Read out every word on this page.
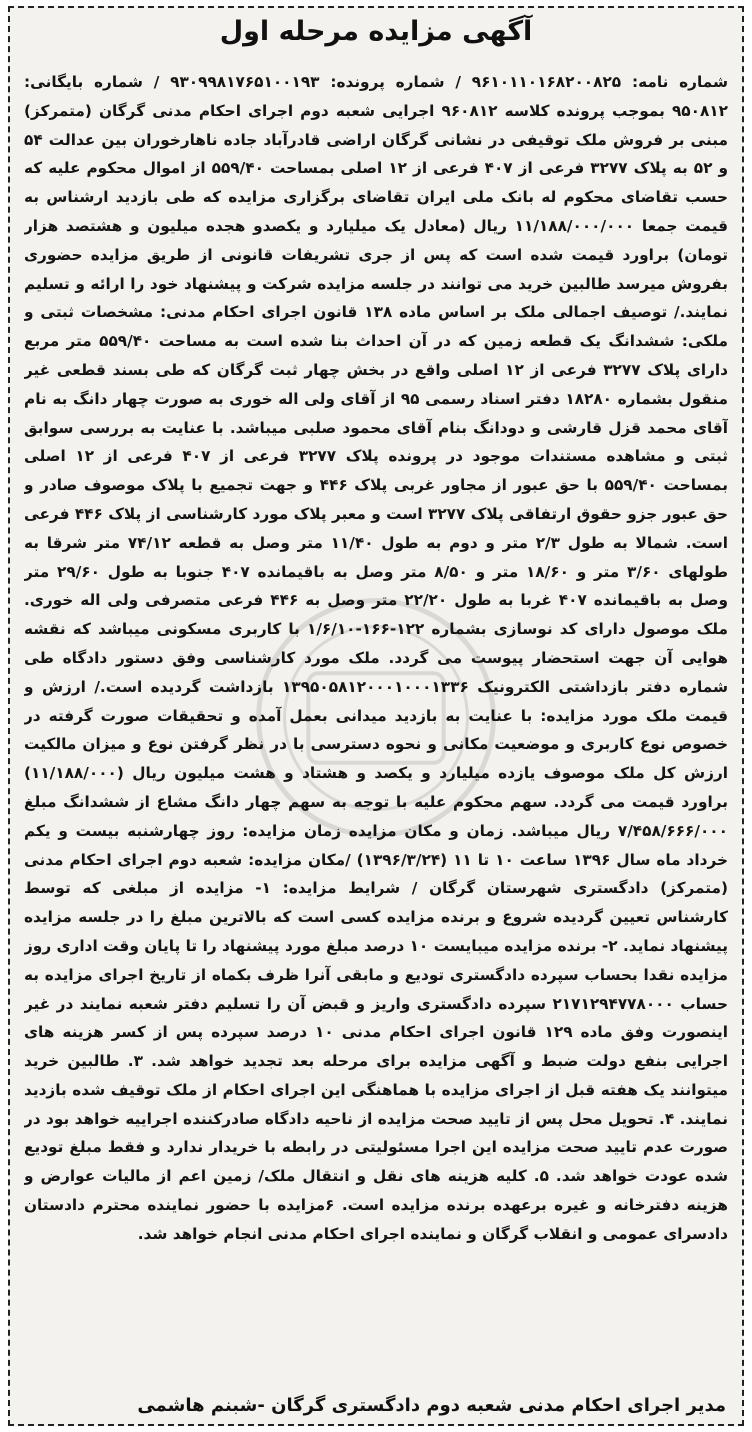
آگهی مزایده مرحله اول
شماره نامه: ۹۶۱۰۱۱۰۱۶۸۲۰۰۸۲۵ / شماره پرونده: ۹۳۰۹۹۸۱۷۶۵۱۰۰۱۹۳ / شماره بایگانی: ۹۵۰۸۱۲ بموجب پرونده کلاسه ۹۶۰۸۱۲ اجرایی شعبه دوم اجرای احکام مدنی گرگان (متمرکز) مبنی بر فروش ملک توقیفی در نشانی گرگان اراضی قادرآباد جاده ناهارخوران بین عدالت ۵۴ و ۵۲ به پلاک ۳۲۷۷ فرعی از ۴۰۷ فرعی از ۱۲ اصلی بمساحت ۵۵۹/۴۰ از اموال محکوم علیه که حسب تقاضای محکوم له بانک ملی ایران تقاضای برگزاری مزایده که طی بازدید ارشناس به قیمت جمعا ۱۱/۱۸۸/۰۰۰/۰۰۰ ریال (معادل یک میلیارد و یکصدو هجده میلیون و هشتصد هزار تومان) براورد قیمت شده است که پس از جری تشریفات قانونی از طریق مزایده حضوری بفروش میرسد طالبین خرید می توانند در جلسه مزایده شرکت و پیشنهاد خود را ارائه و تسلیم نمایند./ توصیف اجمالی ملک بر اساس ماده ۱۳۸ قانون اجرای احکام مدنی: مشخصات ثبتی و ملکی: ششدانگ یک قطعه زمین که در آن احداث بنا شده است به مساحت ۵۵۹/۴۰ متر مربع دارای پلاک ۳۲۷۷ فرعی از ۱۲ اصلی واقع در بخش چهار ثبت گرگان که طی بسند قطعی غیر منقول بشماره ۱۸۲۸۰ دفتر اسناد رسمی ۹۵ از آقای ولی اله خوری به صورت چهار دانگ به نام آقای محمد قزل قارشی و دودانگ بنام آقای محمود صلبی میباشد. با عنایت به بررسی سوابق ثبتی و مشاهده مستندات موجود در پرونده پلاک ۳۲۷۷ فرعی از ۴۰۷ فرعی از ۱۲ اصلی بمساحت ۵۵۹/۴۰ با حق عبور از مجاور غربی پلاک ۴۴۶ و جهت تجمیع با پلاک موصوف صادر و حق عبور جزو حقوق ارتفاقی پلاک ۳۲۷۷ است و معبر پلاک مورد کارشناسی از پلاک ۴۴۶ فرعی است. شمالا به طول ۲/۳ متر و دوم به طول ۱۱/۴۰ متر وصل به قطعه ۷۴/۱۲ متر شرقا به طولهای ۳/۶۰ متر و ۱۸/۶۰ متر و ۸/۵۰ متر وصل به باقیمانده ۴۰۷ جنوبا به طول ۲۹/۶۰ متر وصل به باقیمانده ۴۰۷ غربا به طول ۲۲/۲۰ متر وصل به ۴۴۶ فرعی متصرفی ولی اله خوری. ملک موصول دارای کد نوسازی بشماره ۱۲۲-۱۶۶-۱/۶/۱۰ با کاربری مسکونی میباشد که نقشه هوایی آن جهت استحضار پیوست می گردد. ملک مورد کارشناسی وفق دستور دادگاه طی شماره دفتر بازداشتی الکترونیک ۱۳۹۵۰۵۸۱۲۰۰۰۱۰۰۰۱۳۳۶ بازداشت گردیده است./ ارزش و قیمت ملک مورد مزایده: با عنایت به بازدید میدانی بعمل آمده و تحقیقات صورت گرفته در خصوص نوع کاربری و موضعیت مکانی و نحوه دسترسی با در نظر گرفتن نوع و میزان مالکیت ارزش کل ملک موصوف یازده میلیارد و یکصد و هشتاد و هشت میلیون ریال (۱۱/۱۸۸/۰۰۰) براورد قیمت می گردد. سهم محکوم علیه با توجه به سهم چهار دانگ مشاع از ششدانگ مبلغ ۷/۴۵۸/۶۶۶/۰۰۰ ریال میباشد. زمان و مکان مزایده زمان مزایده: روز چهارشنبه بیست و یکم خرداد ماه سال ۱۳۹۶ ساعت ۱۰ تا ۱۱ (۱۳۹۶/۳/۲۴) /مکان مزایده: شعبه دوم اجرای احکام مدنی (متمرکز) دادگستری شهرستان گرگان / شرایط مزایده: ۱- مزایده از مبلغی که توسط کارشناس تعیین گردیده شروع و برنده مزایده کسی است که بالاترین مبلغ را در جلسه مزایده پیشنهاد نماید. ۲- برنده مزایده میبایست ۱۰ درصد مبلغ مورد پیشنهاد را تا پایان وقت اداری روز مزایده نقدا بحساب سپرده دادگستری تودیع و مابقی آنرا ظرف بکماه از تاریخ اجرای مزایده به حساب ۲۱۷۱۲۹۴۷۷۸۰۰۰ سپرده دادگستری واریز و قبض آن را تسلیم دفتر شعبه نمایند در غیر اینصورت وفق ماده ۱۲۹ قانون اجرای احکام مدنی ۱۰ درصد سپرده پس از کسر هزینه های اجرایی بنفع دولت ضبط و آگهی مزایده برای مرحله بعد تجدید خواهد شد. ۳. طالبین خرید میتوانند یک هفته قبل از اجرای مزایده با هماهنگی این اجرای احکام از ملک توقیف شده بازدید نمایند. ۴. تحویل محل پس از تایید صحت مزایده از ناحیه دادگاه صادرکننده اجراییه خواهد بود در صورت عدم تایید صحت مزایده این اجرا مسئولیتی در رابطه با خریدار ندارد و فقط مبلغ تودیع شده عودت خواهد شد. ۵. کلیه هزینه های نقل و انتقال ملک/ زمین اعم از مالیات عوارض و هزینه دفترخانه و غیره برعهده برنده مزایده است. ۶مزایده با حضور نماینده محترم دادستان دادسرای عمومی و انقلاب گرگان و نماینده اجرای احکام مدنی انجام خواهد شد.
مدیر اجرای احکام مدنی شعبه دوم دادگستری گرگان -شبنم هاشمی
